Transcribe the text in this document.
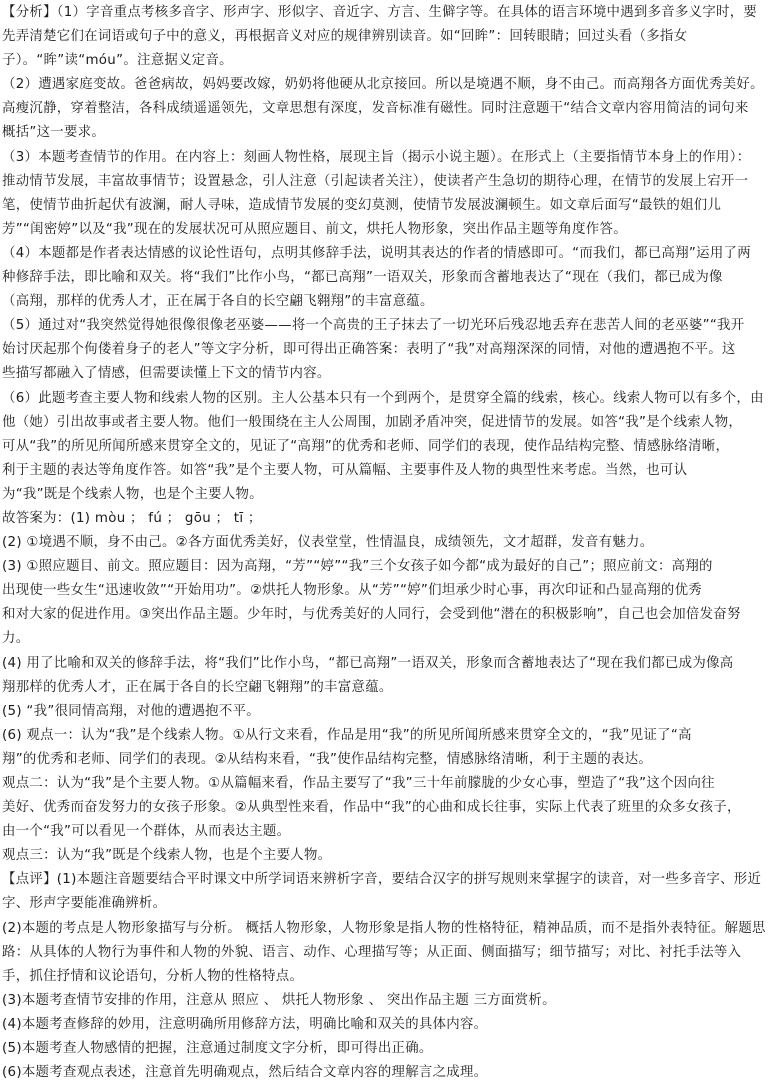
【分析】（1）字音重点考核多音字、形声字、形似字、音近字、方言、生僻字等。在具体的语言环境中遇到多音多义字时，要
先弄清楚它们在词语或句子中的意义，再根据音义对应的规律辨别读音。如“回眸”：回转眼睛；回过头看（多指女
子）。“眸”读“móu”。注意据义定音。
（2）遭遇家庭变故。爸爸病故，妈妈要改嫁，奶奶将他硬从北京接回。所以是境遇不顺，身不由己。而高翔各方面优秀美好。
高瘦沉静，穿着整洁，各科成绩遥遥领先，文章思想有深度，发音标准有磁性。同时注意题干“结合文章内容用简洁的词句来
概括”这一要求。
（3）本题考查情节的作用。在内容上：刻画人物性格，展现主旨（揭示小说主题）。在形式上（主要指情节本身上的作用）：
推动情节发展，丰富故事情节；设置悬念，引人注意（引起读者关注），使读者产生急切的期待心理，在情节的发展上宕开一
笔，使情节曲折起伏有波澜，耐人寻味，造成情节发展的变幻莫测，使情节发展波澜顿生。如文章后面写“最铁的姐们儿
芳”“闺密婷”以及“我”现在的发展状况可从照应题目、前文，烘托人物形象，突出作品主题等角度作答。
（4）本题都是作者表达情感的议论性语句，点明其修辞手法，说明其表达的作者的情感即可。“而我们，都已高翔”运用了两
种修辞手法，即比喻和双关。将“我们”比作小鸟，“都已高翔”一语双关，形象而含蓄地表达了“现在（我们，都已成为像
（高翔，那样的优秀人才，正在属于各自的长空翩飞翱翔”的丰富意蕴。
（5）通过对“我突然觉得她很像很像老巫婆——将一个高贵的王子抹去了一切光环后残忍地丢弃在悲苦人间的老巫婆”“我开
始讨厌起那个佝偻着身子的老人”等文字分析，即可得出正确答案：表明了“我”对高翔深深的同情，对他的遭遇抱不平。这
些描写都融入了情感，但需要读懂上下文的情节内容。
（6）此题考查主要人物和线索人物的区别。主人公基本只有一个到两个，是贯穿全篇的线索，核心。线索人物可以有多个，由
他（她）引出故事或者主要人物。他们一般围绕在主人公周围，加剧矛盾冲突，促进情节的发展。如答“我”是个线索人物，
可从“我”的所见所闻所感来贯穿全文的，见证了“高翔”的优秀和老师、同学们的表现，使作品结构完整、情感脉络清晰，
利于主题的表达等角度作答。如答“我”是个主要人物，可从篇幅、主要事件及人物的典型性来考虑。当然，也可认
为“我”既是个线索人物，也是个主要人物。
故答案为：(1) mòu ； fú ； gōu ； tī ；
(2) ①境遇不顺，身不由己。②各方面优秀美好，仪表堂堂，性情温良，成绩领先，文才超群，发音有魅力。
(3) ①照应题目、前文。照应题目：因为高翔，“芳”“婷”“我”三个女孩子如今都“成为最好的自己”；照应前文：高翔的
出现使一些女生“迅速收敛”“开始用功”。②烘托人物形象。从“芳”“婷”们坦承少时心事，再次印证和凸显高翔的优秀
和对大家的促进作用。③突出作品主题。少年时，与优秀美好的人同行，会受到他“潜在的积极影响”，自己也会加倍发奋努
力。
(4) 用了比喻和双关的修辞手法，将“我们”比作小鸟，“都已高翔”一语双关，形象而含蓄地表达了“现在我们都已成为像高
翔那样的优秀人才，正在属于各自的长空翩飞翱翔”的丰富意蕴。
(5) “我”很同情高翔，对他的遭遇抱不平。
(6) 观点一：认为“我”是个线索人物。①从行文来看，作品是用“我”的所见所闻所感来贯穿全文的，“我”见证了“高
翔”的优秀和老师、同学们的表现。②从结构来看，“我”使作品结构完整，情感脉络清晰，利于主题的表达。
观点二：认为“我”是个主要人物。①从篇幅来看，作品主要写了“我”三十年前朦胧的少女心事，塑造了“我”这个因向往
美好、优秀而奋发努力的女孩子形象。②从典型性来看，作品中“我”的心曲和成长往事，实际上代表了班里的众多女孩子，
由一个“我”可以看见一个群体，从而表达主题。
观点三：认为“我”既是个线索人物，也是个主要人物。
【点评】(1)本题注音题要结合平时课文中所学词语来辨析字音，要结合汉字的拼写规则来掌握字的读音，对一些多音字、形近
字、形声字要能准确辨析。
(2)本题的考点是人物形象描写与分析。 概括人物形象，人物形象是指人物的性格特征，精神品质，而不是指外表特征。解题思
路：从具体的人物行为事件和人物的外貌、语言、动作、心理描写等；从正面、侧面描写；细节描写；对比、衬托手法等入
手，抓住抒情和议论语句，分析人物的性格特点。
(3)本题考查情节安排的作用，注意从 照应 、 烘托人物形象 、 突出作品主题 三方面赏析。
(4)本题考查修辞的妙用，注意明确所用修辞方法，明确比喻和双关的具体内容。
(5)本题考查人物感情的把握，注意通过制度文字分析，即可得出正确。
(6)本题考查观点表述，注意首先明确观点，然后结合文章内容的理解言之成理。
